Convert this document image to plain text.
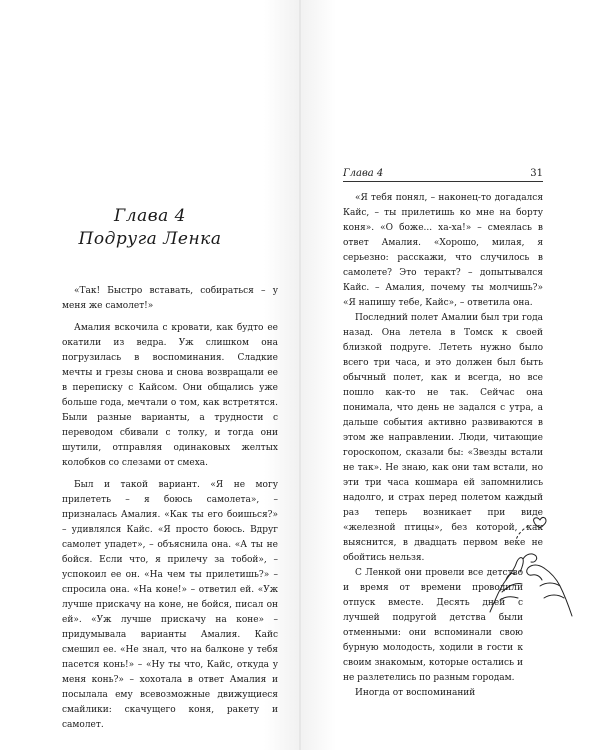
Глава 4
Подруга Ленка

«Так! Быстро вставать, собираться – у меня же самолет!»

Амалия вскочила с кровати, как будто ее окатили из ведра. Уж слишком она погрузилась в воспоминания. Сладкие мечты и грезы снова и снова возвращали ее в переписку с Кайсом. Они общались уже больше года, мечтали о том, как встретятся. Были разные варианты, а трудности с переводом сбивали с толку, и тогда они шутили, отправляя одинаковых желтых колобков со слезами от смеха.

Был и такой вариант. «Я не могу прилететь – я боюсь самолета», – призналась Амалия. «Как ты его боишься?» – удивлялся Кайс. «Я просто боюсь. Вдруг самолет упадет», – объяснила она. «А ты не бойся. Если что, я прилечу за тобой», – успокоил ее он. «На чем ты прилетишь?» – спросила она. «На коне!» – ответил ей. «Уж лучше приcкачу на коне, не бойся, писал он ей». «Уж лучше прискачу на коне» – придумывала варианты Амалия. Кайс смешил ее. «Не знал, что на балконе у тебя пасется конь!» – «Ну ты что, Кайс, откуда у меня конь?» – хохотала в ответ Амалия и посылала ему всевозможные движущиеся смайлики: скачущего коня, ракету и самолет.

Глава 4	31

«Я тебя понял, – наконец-то догадался Кайс, – ты прилетишь ко мне на борту коня». «О боже... ха-ха!» – смеялась в ответ Амалия. «Хорошо, милая, я серьезно: расскажи, что случилось в самолете? Это теракт? – допытывался Кайс. – Амалия, почему ты молчишь?» «Я напишу тебе, Кайс», – ответила она.

Последний полет Амалии был три года назад. Она летела в Томск к своей близкой подруге. Лететь нужно было всего три часа, и это должен был быть обычный полет, как и всегда, но все пошло как-то не так. Сейчас она понимала, что день не задался с утра, а дальше события активно развиваются в этом же направлении. Люди, читающие гороскопом, сказали бы: «Звезды встали не так». Не знаю, как они там встали, но эти три часа кошмара ей запомнились надолго, и страх перед полетом каждый раз теперь возникает при виде «железной птицы», без которой, как выяснится, в двадцать первом веке не обойтись нельзя.

С Ленкой они провели все детство и время от времени проводили отпуск вместе. Десять дней с лучшей подругой детства были отменными: они вспоминали свою бурную молодость, ходили в гости к своим знакомым, которые остались и не разлетелись по разным городам.

Иногда от воспоминаний
